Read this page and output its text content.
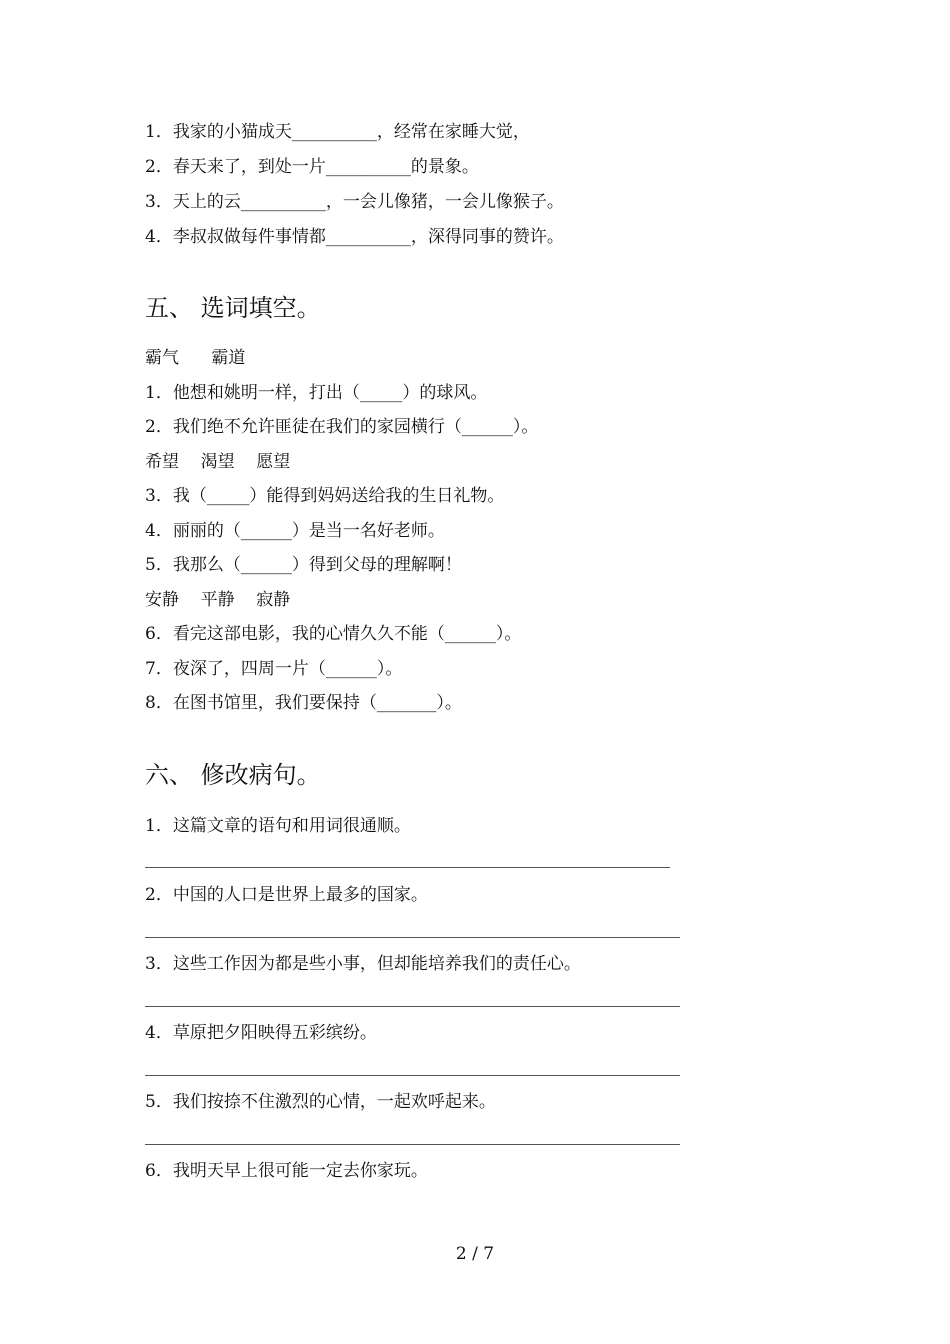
1．我家的小猫成天__________，经常在家睡大觉，
2．春天来了，到处一片__________的景象。
3．天上的云__________，一会儿像猪，一会儿像猴子。
4．李叔叔做每件事情都__________，深得同事的赞许。
五、 选词填空。
霸气      霸道
1．他想和姚明一样，打出（_____）的球风。
2．我们绝不允许匪徒在我们的家园横行（______）。
希望    渴望    愿望
3．我（_____）能得到妈妈送给我的生日礼物。
4．丽丽的（______）是当一名好老师。
5．我那么（______）得到父母的理解啊！
安静    平静    寂静
6．看完这部电影，我的心情久久不能（______）。
7．夜深了，四周一片（______）。
8．在图书馆里，我们要保持（_______）。
六、 修改病句。
1．这篇文章的语句和用词很通顺。
2．中国的人口是世界上最多的国家。
3．这些工作因为都是些小事，但却能培养我们的责任心。
4．草原把夕阳映得五彩缤纷。
5．我们按捺不住激烈的心情，一起欢呼起来。
6．我明天早上很可能一定去你家玩。
2 / 7
